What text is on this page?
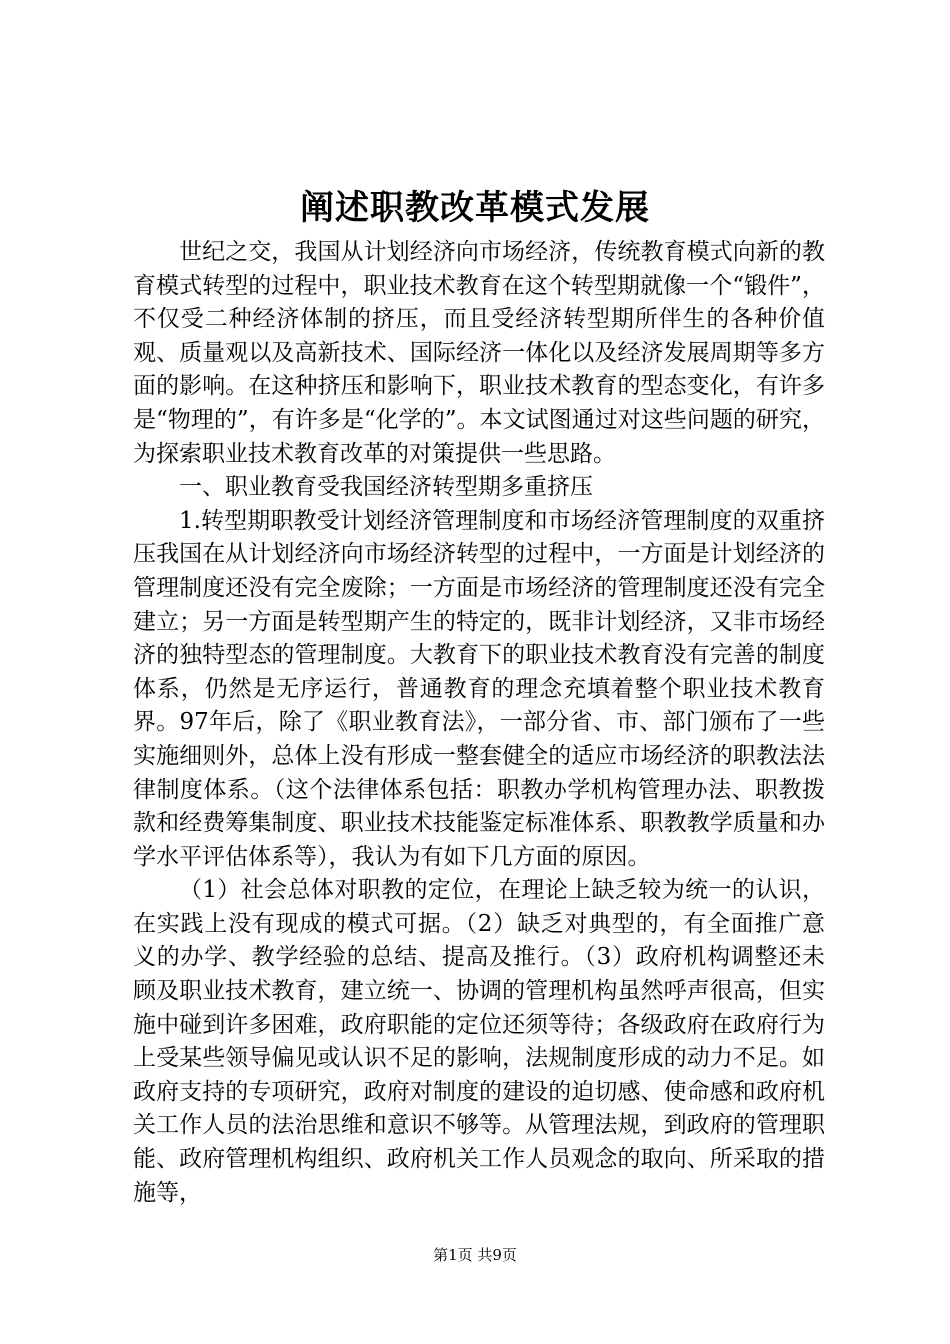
阐述职教改革模式发展

世纪之交，我国从计划经济向市场经济，传统教育模式向新的教育模式转型的过程中，职业技术教育在这个转型期就像一个“锻件”，不仅受二种经济体制的挤压，而且受经济转型期所伴生的各种价值观、质量观以及高新技术、国际经济一体化以及经济发展周期等多方面的影响。在这种挤压和影响下，职业技术教育的型态变化，有许多是“物理的”，有许多是“化学的”。本文试图通过对这些问题的研究，为探索职业技术教育改革的对策提供一些思路。

一、职业教育受我国经济转型期多重挤压

1.转型期职教受计划经济管理制度和市场经济管理制度的双重挤压我国在从计划经济向市场经济转型的过程中，一方面是计划经济的管理制度还没有完全废除；一方面是市场经济的管理制度还没有完全建立；另一方面是转型期产生的特定的，既非计划经济，又非市场经济的独特型态的管理制度。大教育下的职业技术教育没有完善的制度体系，仍然是无序运行，普通教育的理念充填着整个职业技术教育界。97年后，除了《职业教育法》，一部分省、市、部门颁布了一些实施细则外，总体上没有形成一整套健全的适应市场经济的职教法法律制度体系。（这个法律体系包括：职教办学机构管理办法、职教拨款和经费筹集制度、职业技术技能鉴定标准体系、职教教学质量和办学水平评估体系等），我认为有如下几方面的原因。

（1）社会总体对职教的定位，在理论上缺乏较为统一的认识，在实践上没有现成的模式可据。（2）缺乏对典型的，有全面推广意义的办学、教学经验的总结、提高及推行。（3）政府机构调整还未顾及职业技术教育，建立统一、协调的管理机构虽然呼声很高，但实施中碰到许多困难，政府职能的定位还须等待；各级政府在政府行为上受某些领导偏见或认识不足的影响，法规制度形成的动力不足。如政府支持的专项研究，政府对制度的建设的迫切感、使命感和政府机关工作人员的法治思维和意识不够等。从管理法规，到政府的管理职能、政府管理机构组织、政府机关工作人员观念的取向、所采取的措施等，

第1页 共9页
